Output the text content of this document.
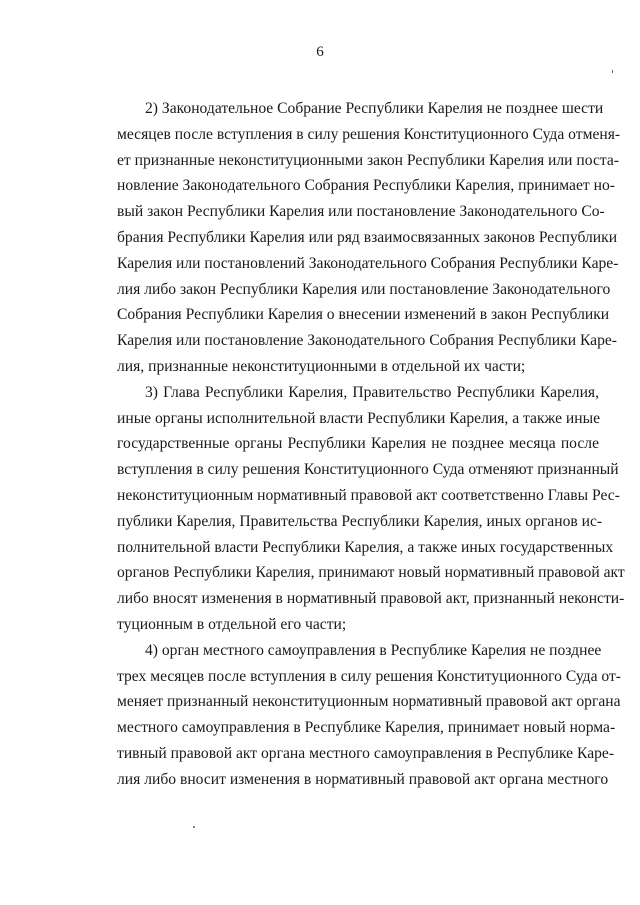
6
2) Законодательное Собрание Республики Карелия не позднее шести
месяцев после вступления в силу решения Конституционного Суда отменя-
ет признанные неконституционными закон Республики Карелия или поста-
новление Законодательного Собрания Республики Карелия, принимает но-
вый закон Республики Карелия или постановление Законодательного Со-
брания Республики Карелия или ряд взаимосвязанных законов Республики
Карелия или постановлений Законодательного Собрания Республики Каре-
лия либо закон Республики Карелия или постановление Законодательного
Собрания Республики Карелия о внесении изменений в закон Республики
Карелия или постановление Законодательного Собрания Республики Каре-
лия, признанные неконституционными в отдельной их части;
3) Глава Республики Карелия, Правительство Республики Карелия,
иные органы исполнительной власти Республики Карелия, а также иные
государственные органы Республики Карелия не позднее месяца после
вступления в силу решения Конституционного Суда отменяют признанный
неконституционным нормативный правовой акт соответственно Главы Рес-
публики Карелия, Правительства Республики Карелия, иных органов ис-
полнительной власти Республики Карелия, а также иных государственных
органов Республики Карелия, принимают новый нормативный правовой акт
либо вносят изменения в нормативный правовой акт, признанный неконсти-
туционным в отдельной его части;
4) орган местного самоуправления в Республике Карелия не позднее
трех месяцев после вступления в силу решения Конституционного Суда от-
меняет признанный неконституционным нормативный правовой акт органа
местного самоуправления в Республике Карелия, принимает новый норма-
тивный правовой акт органа местного самоуправления в Республике Каре-
лия либо вносит изменения в нормативный правовой акт органа местного
